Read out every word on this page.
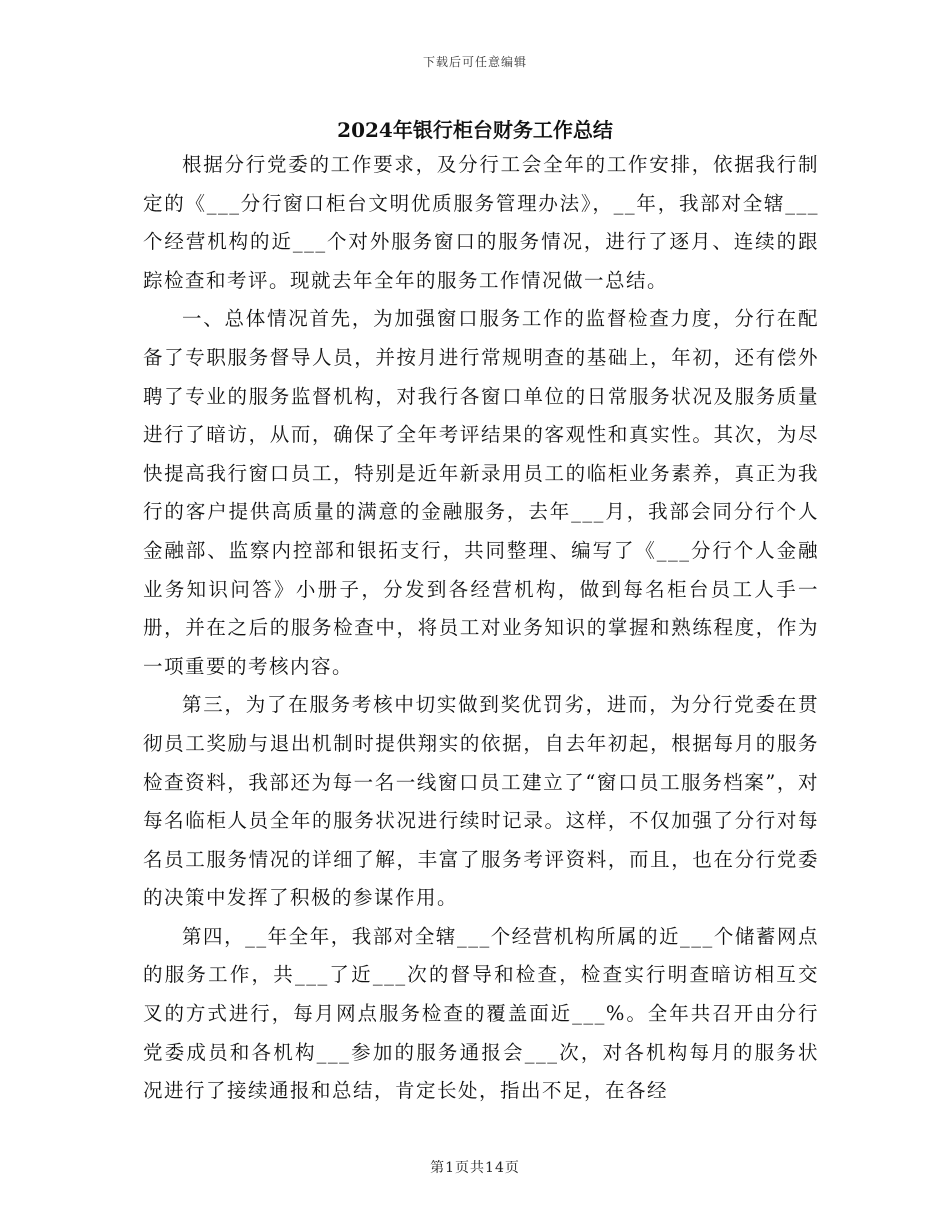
下载后可任意编辑
2024年银行柜台财务工作总结

根据分行党委的工作要求，及分行工会全年的工作安排，依据我行制定的《___分行窗口柜台文明优质服务管理办法》，__年，我部对全辖___个经营机构的近___个对外服务窗口的服务情况，进行了逐月、连续的跟踪检查和考评。现就去年全年的服务工作情况做一总结。

一、总体情况首先，为加强窗口服务工作的监督检查力度，分行在配备了专职服务督导人员，并按月进行常规明查的基础上，年初，还有偿外聘了专业的服务监督机构，对我行各窗口单位的日常服务状况及服务质量进行了暗访，从而，确保了全年考评结果的客观性和真实性。其次，为尽快提高我行窗口员工，特别是近年新录用员工的临柜业务素养，真正为我行的客户提供高质量的满意的金融服务，去年___月，我部会同分行个人金融部、监察内控部和银拓支行，共同整理、编写了《___分行个人金融业务知识问答》小册子，分发到各经营机构，做到每名柜台员工人手一册，并在之后的服务检查中，将员工对业务知识的掌握和熟练程度，作为一项重要的考核内容。

第三，为了在服务考核中切实做到奖优罚劣，进而，为分行党委在贯彻员工奖励与退出机制时提供翔实的依据，自去年初起，根据每月的服务检查资料，我部还为每一名一线窗口员工建立了“窗口员工服务档案”，对每名临柜人员全年的服务状况进行续时记录。这样，不仅加强了分行对每名员工服务情况的详细了解，丰富了服务考评资料，而且，也在分行党委的决策中发挥了积极的参谋作用。

第四，__年全年，我部对全辖___个经营机构所属的近___个储蓄网点的服务工作，共___了近___次的督导和检查，检查实行明查暗访相互交叉的方式进行，每月网点服务检查的覆盖面近___%。全年共召开由分行党委成员和各机构___参加的服务通报会___次，对各机构每月的服务状况进行了接续通报和总结，肯定长处，指出不足，在各经

第1页共14页
